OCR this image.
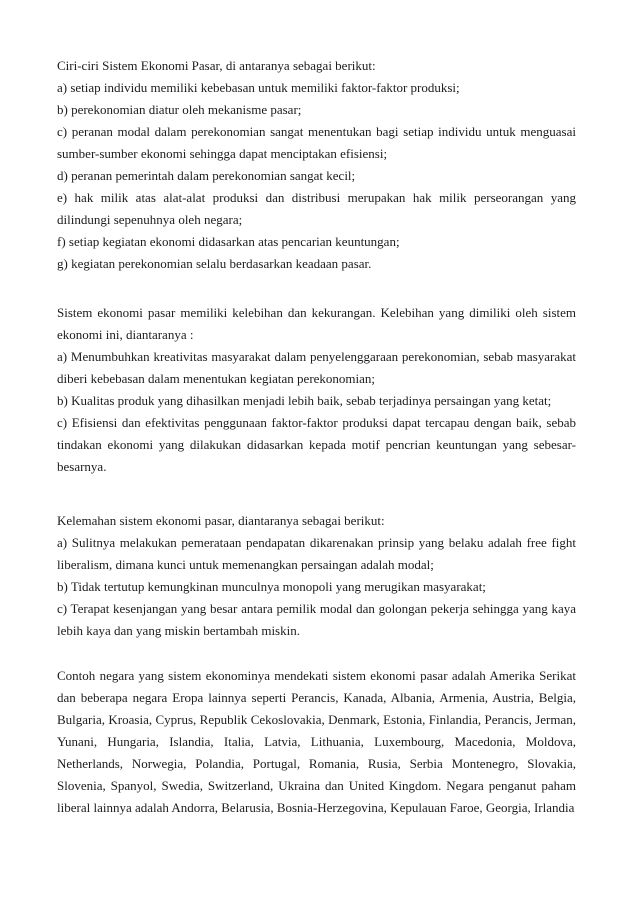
Ciri-ciri Sistem Ekonomi Pasar, di antaranya sebagai berikut:

a) setiap individu memiliki kebebasan untuk memiliki faktor-faktor produksi;

b) perekonomian diatur oleh mekanisme pasar;

c) peranan modal dalam perekonomian sangat menentukan bagi setiap individu untuk menguasai sumber-sumber ekonomi sehingga dapat menciptakan efisiensi;

d) peranan pemerintah dalam perekonomian sangat kecil;

e) hak milik atas alat-alat produksi dan distribusi merupakan hak milik perseorangan yang dilindungi sepenuhnya oleh negara;

f) setiap kegiatan ekonomi didasarkan atas pencarian keuntungan;

g) kegiatan perekonomian selalu berdasarkan keadaan pasar.

Sistem ekonomi pasar memiliki kelebihan dan kekurangan. Kelebihan yang dimiliki oleh sistem ekonomi ini, diantaranya :

a) Menumbuhkan kreativitas masyarakat dalam penyelenggaraan perekonomian, sebab masyarakat diberi kebebasan dalam menentukan kegiatan perekonomian;

b) Kualitas produk yang dihasilkan menjadi lebih baik, sebab terjadinya persaingan yang ketat;

c) Efisiensi dan efektivitas penggunaan faktor-faktor produksi dapat tercapau dengan baik, sebab tindakan ekonomi yang dilakukan didasarkan kepada motif pencrian keuntungan yang sebesar-besarnya.

Kelemahan sistem ekonomi pasar, diantaranya sebagai berikut:

a) Sulitnya melakukan pemerataan pendapatan dikarenakan prinsip yang belaku adalah free fight liberalism, dimana kunci untuk memenangkan persaingan adalah modal;

b) Tidak tertutup kemungkinan munculnya monopoli yang merugikan masyarakat;

c) Terapat kesenjangan yang besar antara pemilik modal dan golongan pekerja sehingga yang kaya lebih kaya dan yang miskin bertambah miskin.

Contoh negara yang sistem ekonominya mendekati sistem ekonomi pasar adalah Amerika Serikat dan beberapa negara Eropa lainnya seperti Perancis, Kanada, Albania, Armenia, Austria, Belgia, Bulgaria, Kroasia, Cyprus, Republik Cekoslovakia, Denmark, Estonia, Finlandia, Perancis, Jerman, Yunani, Hungaria, Islandia, Italia, Latvia, Lithuania, Luxembourg, Macedonia, Moldova, Netherlands, Norwegia, Polandia, Portugal, Romania, Rusia, Serbia Montenegro, Slovakia, Slovenia, Spanyol, Swedia, Switzerland, Ukraina dan United Kingdom. Negara penganut paham liberal lainnya adalah Andorra, Belarusia, Bosnia-Herzegovina, Kepulauan Faroe, Georgia, Irlandia
